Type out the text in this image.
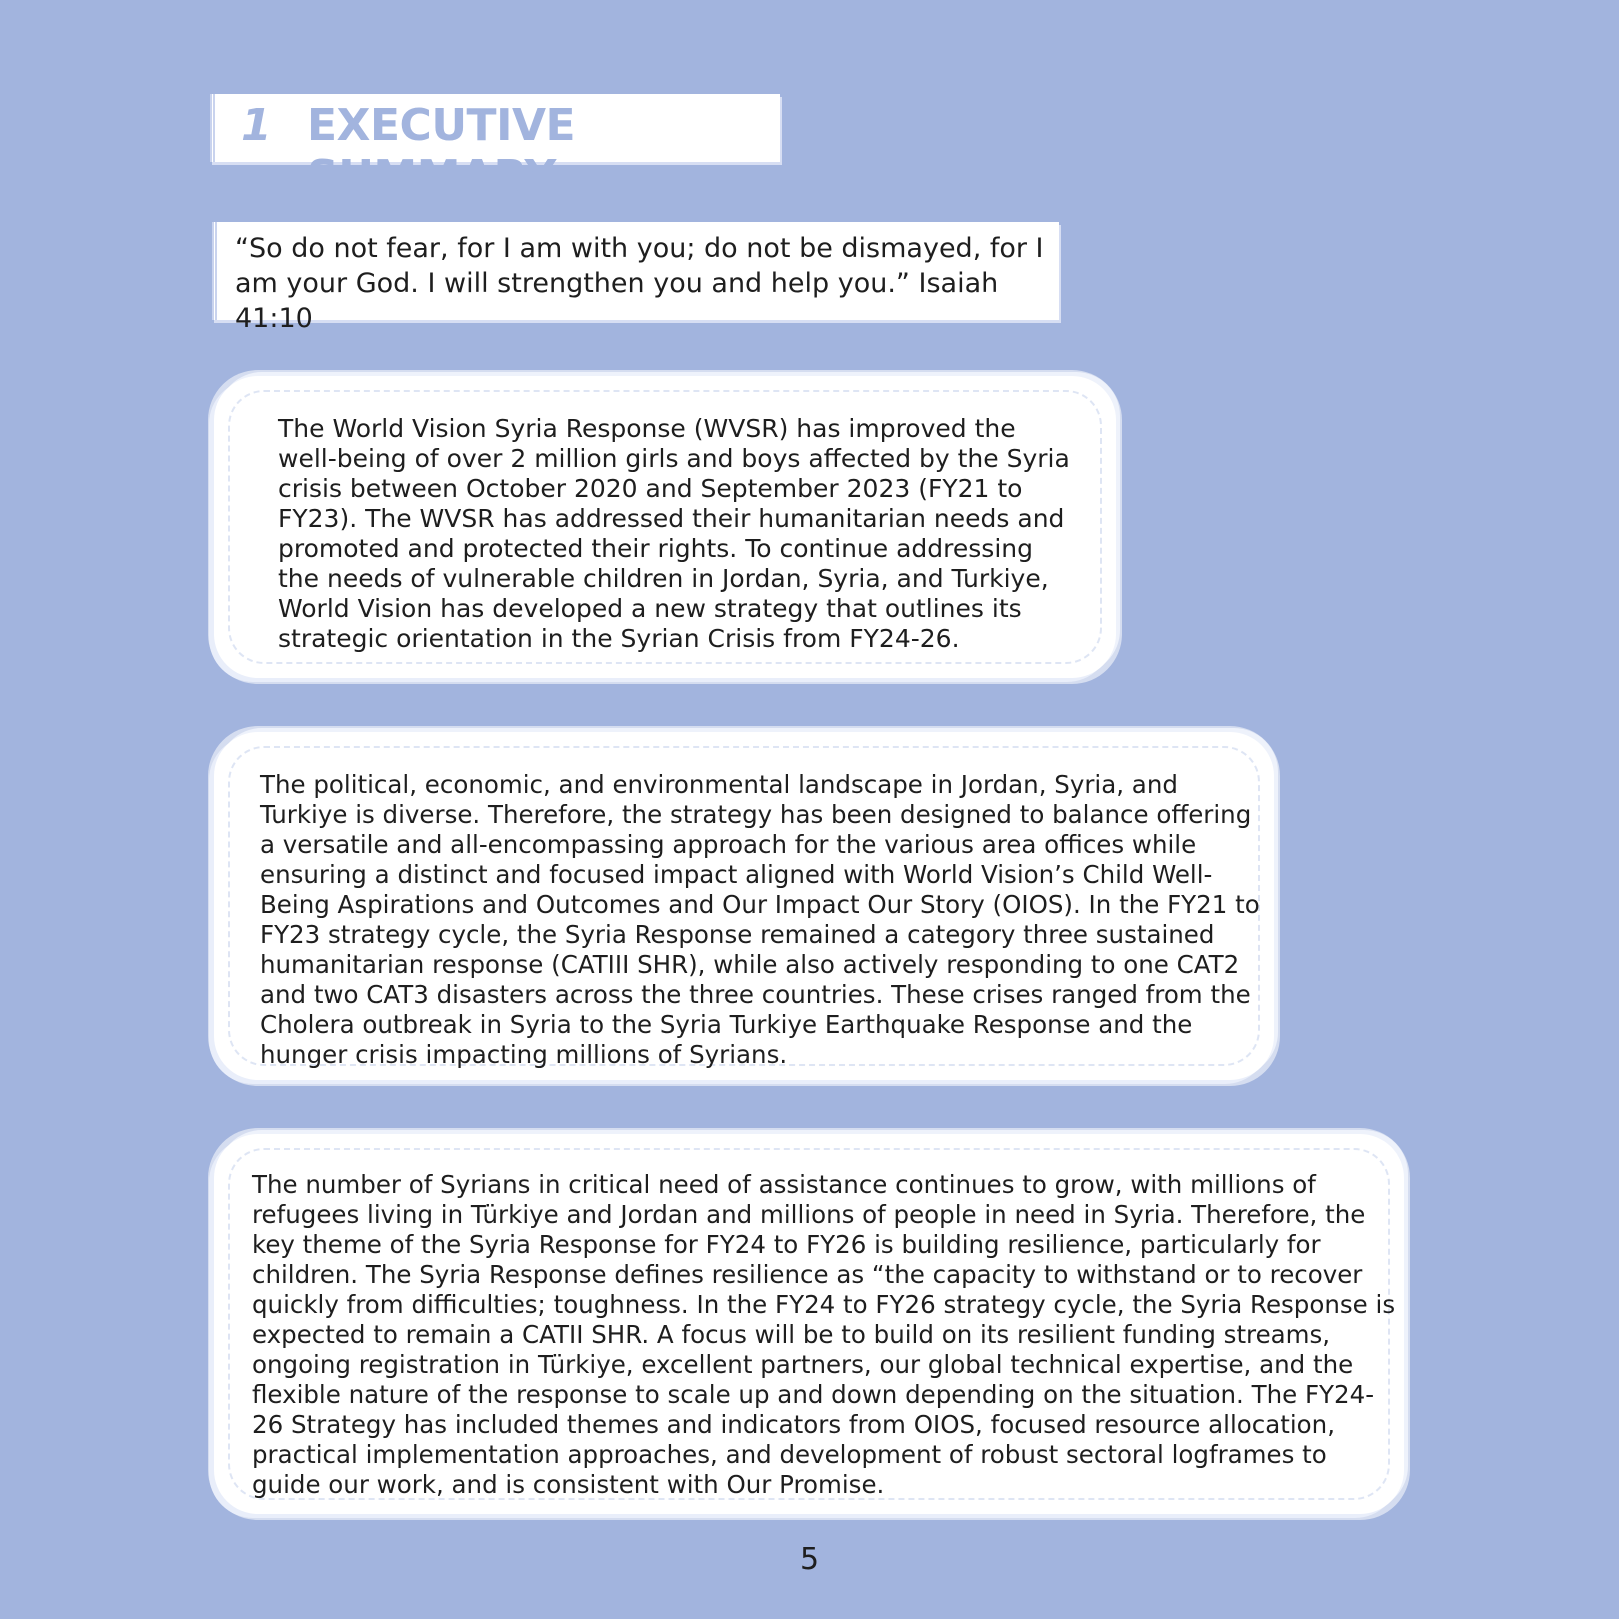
1 EXECUTIVE SUMMARY
“So do not fear, for I am with you; do not be dismayed, for I am your God. I will strengthen you and help you.” Isaiah 41:10

The World Vision Syria Response (WVSR) has improved the well-being of over 2 million girls and boys affected by the Syria crisis between October 2020 and September 2023 (FY21 to FY23). The WVSR has addressed their humanitarian needs and promoted and protected their rights. To continue addressing the needs of vulnerable children in Jordan, Syria, and Turkiye, World Vision has developed a new strategy that outlines its strategic orientation in the Syrian Crisis from FY24-26.

The political, economic, and environmental landscape in Jordan, Syria, and Turkiye is diverse. Therefore, the strategy has been designed to balance offering a versatile and all-encompassing approach for the various area offices while ensuring a distinct and focused impact aligned with World Vision’s Child Well-Being Aspirations and Outcomes and Our Impact Our Story (OIOS). In the FY21 to FY23 strategy cycle, the Syria Response remained a category three sustained humanitarian response (CATIII SHR), while also actively responding to one CAT2 and two CAT3 disasters across the three countries. These crises ranged from the Cholera outbreak in Syria to the Syria Turkiye Earthquake Response and the hunger crisis impacting millions of Syrians.

The number of Syrians in critical need of assistance continues to grow, with millions of refugees living in Türkiye and Jordan and millions of people in need in Syria. Therefore, the key theme of the Syria Response for FY24 to FY26 is building resilience, particularly for children. The Syria Response defines resilience as “the capacity to withstand or to recover quickly from difficulties; toughness. In the FY24 to FY26 strategy cycle, the Syria Response is expected to remain a CATII SHR. A focus will be to build on its resilient funding streams, ongoing registration in Türkiye, excellent partners, our global technical expertise, and the flexible nature of the response to scale up and down depending on the situation. The FY24-26 Strategy has included themes and indicators from OIOS, focused resource allocation, practical implementation approaches, and development of robust sectoral logframes to guide our work, and is consistent with Our Promise.

5
